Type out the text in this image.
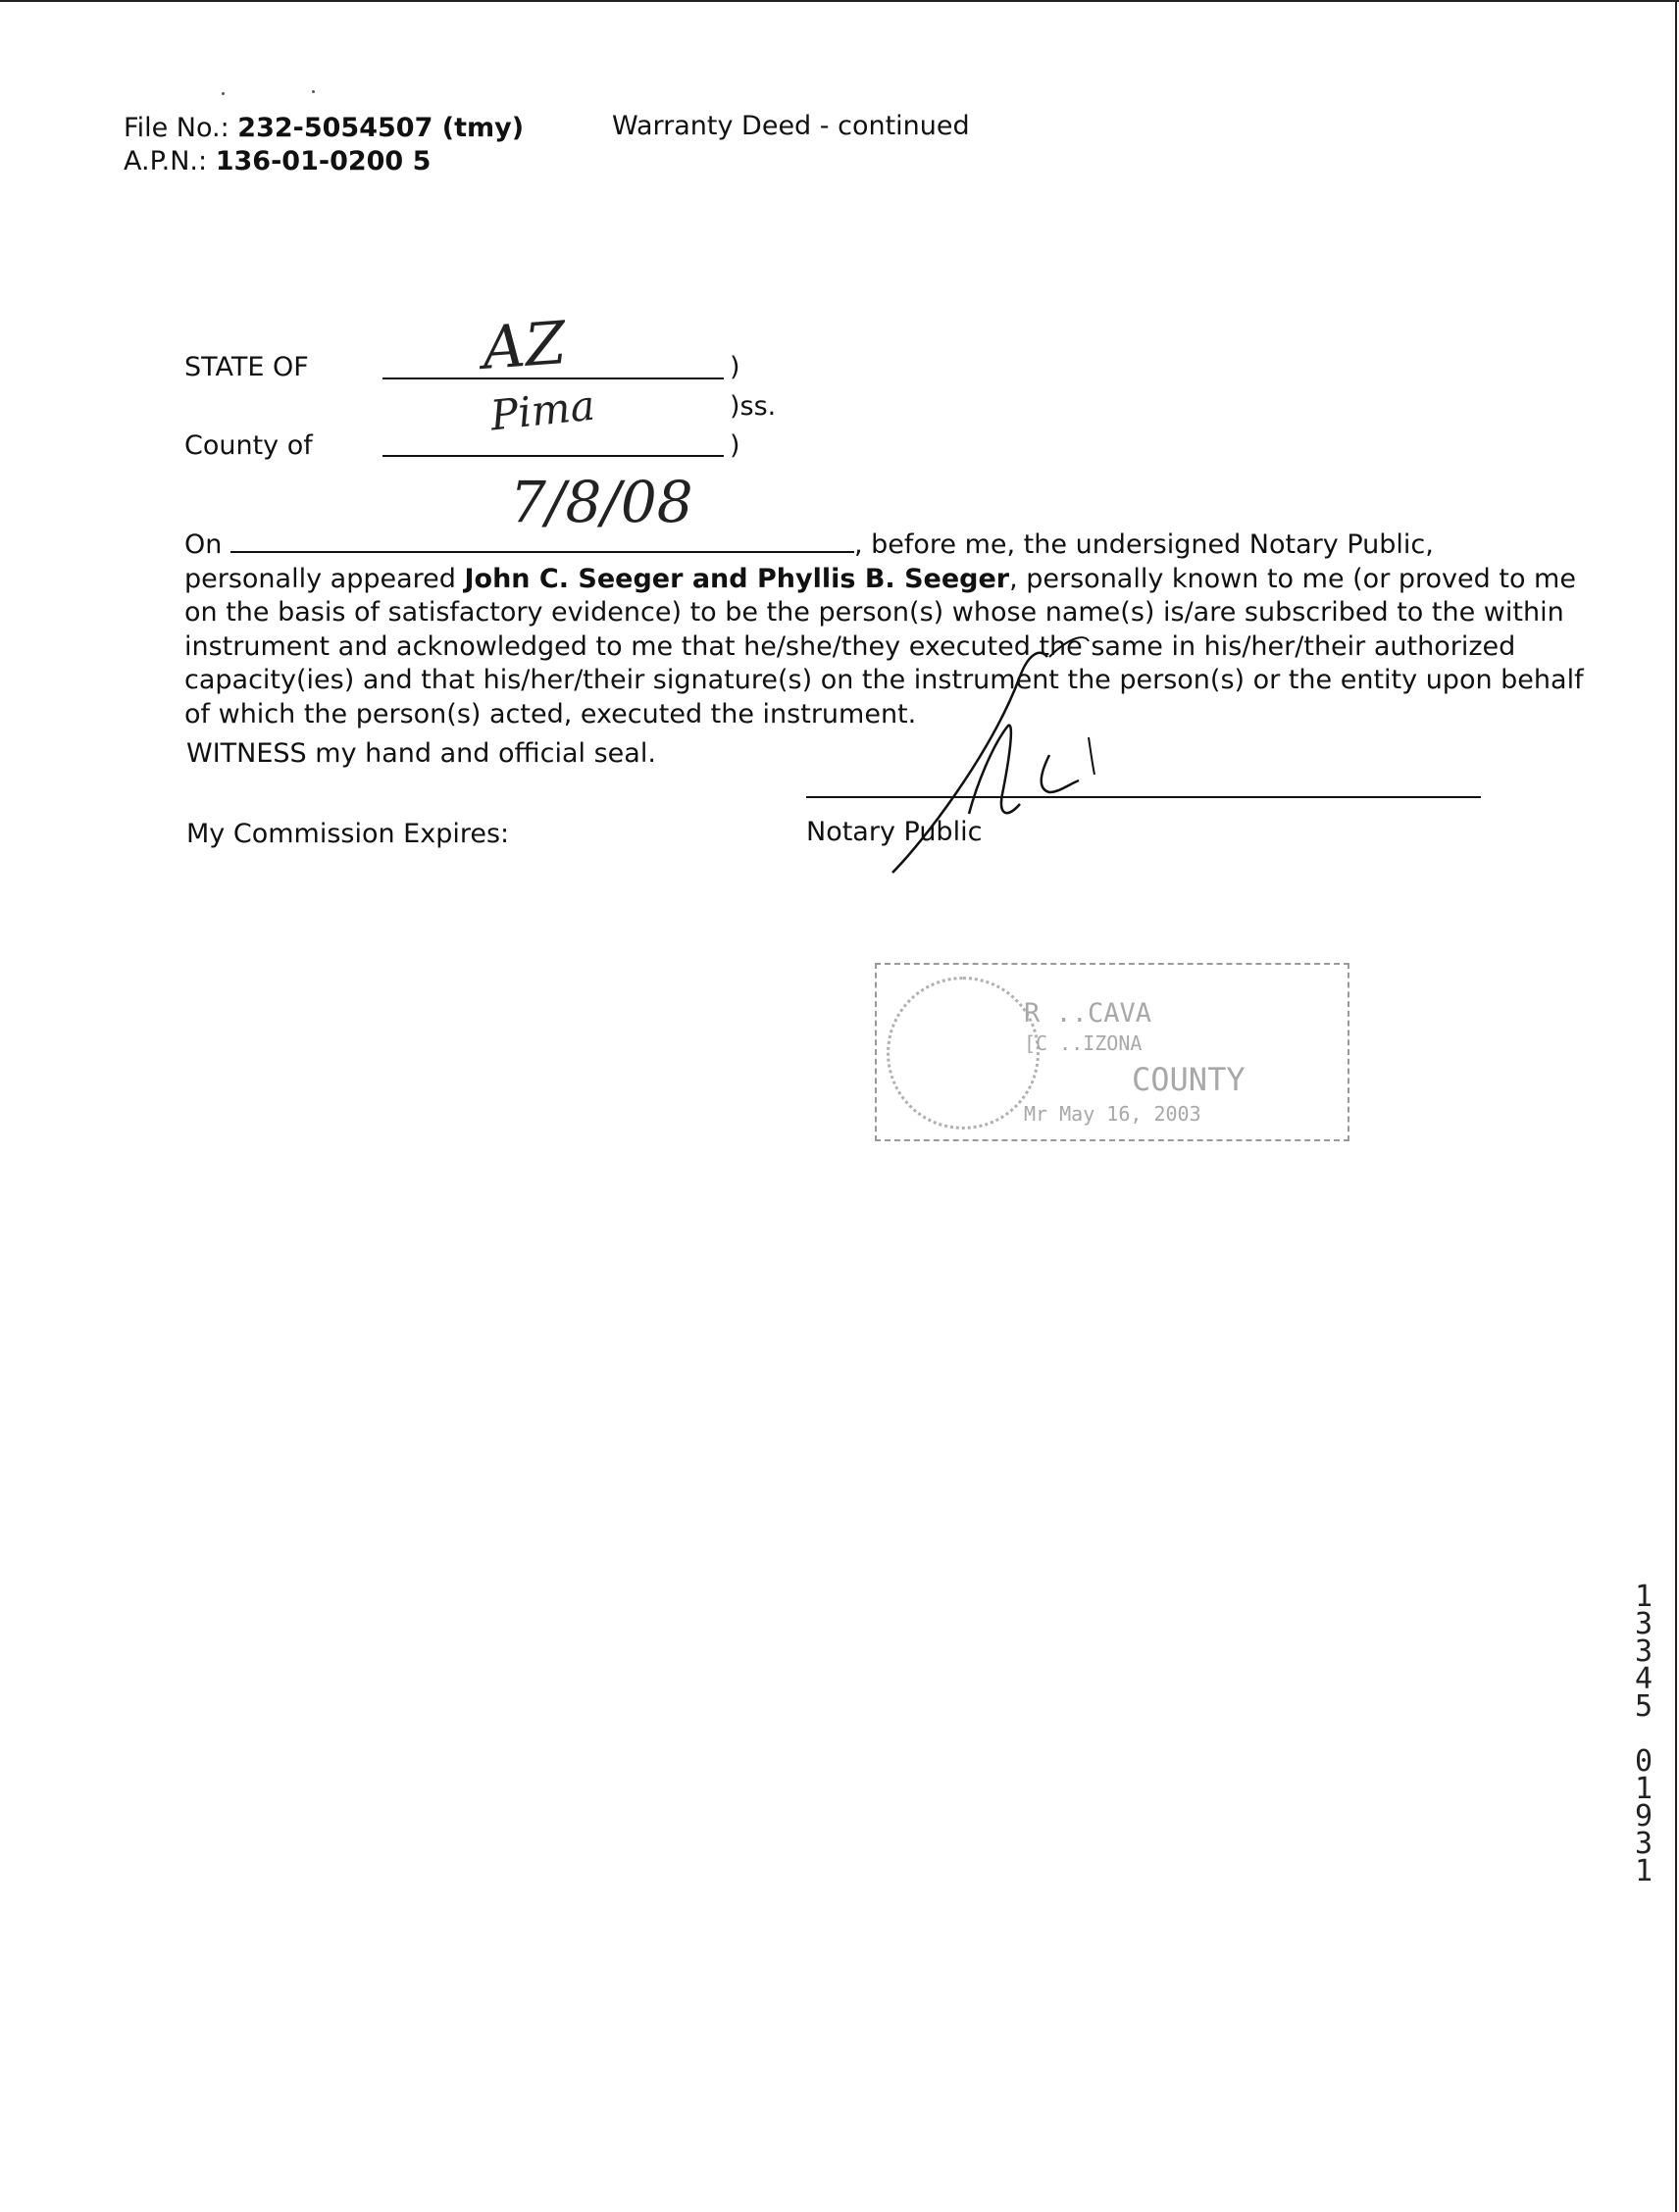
File No.: 232-5054507 (tmy)
A.P.N.: 136-01-0200 5
Warranty Deed - continued
STATE OF	AZ	)
)ss.
Pima
County of	)
On	, before me, the undersigned Notary Public,
personally appeared John C. Seeger and Phyllis B. Seeger, personally known to me (or proved to me
on the basis of satisfactory evidence) to be the person(s) whose name(s) is/are subscribed to the within
instrument and acknowledged to me that he/she/they executed the same in his/her/their authorized
capacity(ies) and that his/her/their signature(s) on the instrument the person(s) or the entity upon behalf
of which the person(s) acted, executed the instrument.
7/8/08
WITNESS my hand and official seal.
My Commission Expires:	Notary Public
R ..CAVA
[C ..IZONA
COUNTY
Mr May 16, 2003
1
3
3
4
5
0
1
9
3
1
